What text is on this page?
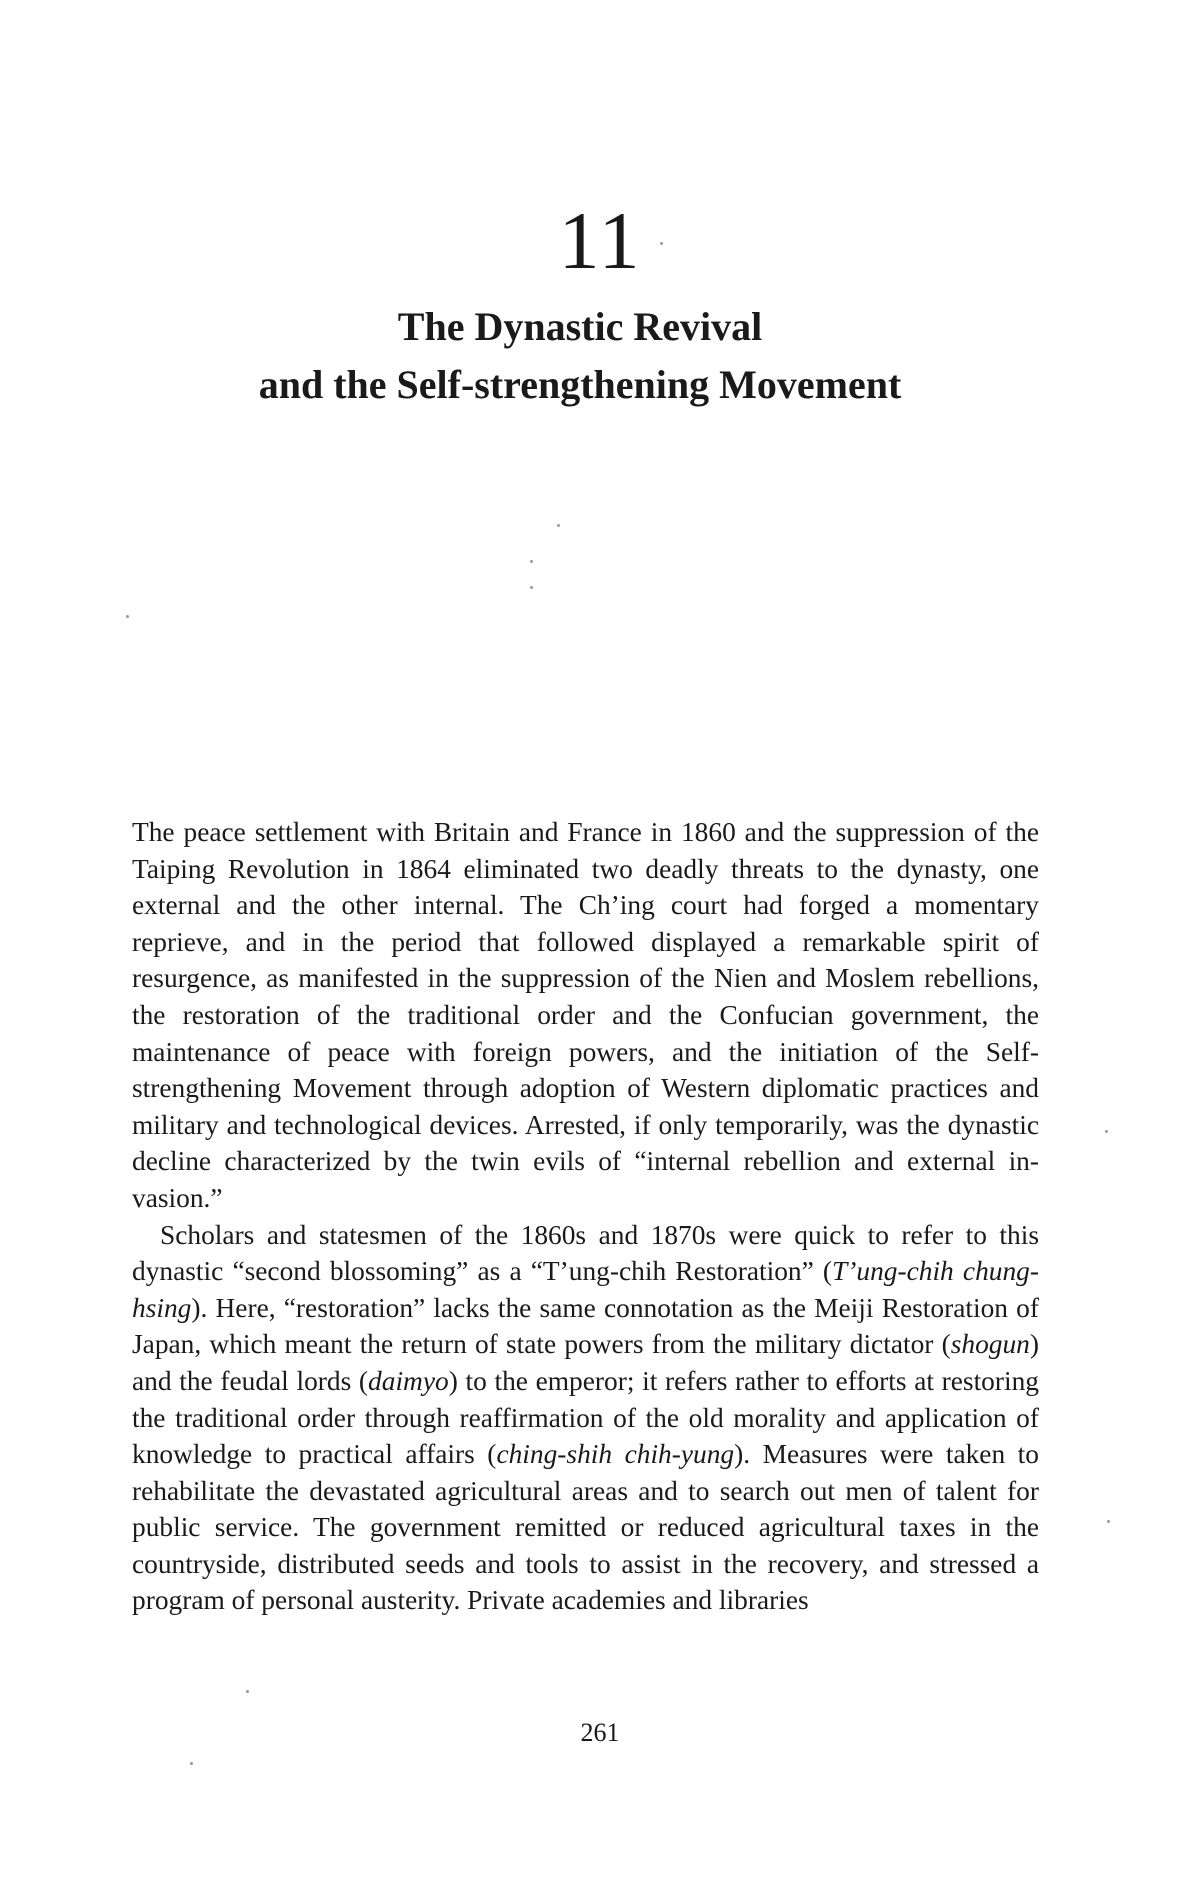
11
The Dynastic Revival
and the Self-strengthening Movement

The peace settlement with Britain and France in 1860 and the suppression of the Taiping Revolution in 1864 eliminated two deadly threats to the dynasty, one external and the other internal. The Ch’ing court had forged a momentary reprieve, and in the period that followed displayed a remarkable spirit of resurgence, as manifested in the suppression of the Nien and Moslem rebellions, the restoration of the traditional order and the Confucian government, the maintenance of peace with foreign powers, and the initiation of the Self-strengthening Movement through adoption of Western diplomatic practices and military and technological devices. Arrested, if only temporarily, was the dynastic decline characterized by the twin evils of “internal rebellion and external invasion.”

Scholars and statesmen of the 1860s and 1870s were quick to refer to this dynastic “second blossoming” as a “T’ung-chih Restoration” (T’ung-chih chung-hsing). Here, “restoration” lacks the same connotation as the Meiji Restoration of Japan, which meant the return of state powers from the military dictator (shogun) and the feudal lords (daimyo) to the emperor; it refers rather to efforts at restoring the traditional order through reaffirmation of the old morality and application of knowledge to practical affairs (ching-shih chih-yung). Measures were taken to rehabilitate the devastated agricultural areas and to search out men of talent for public service. The government remitted or reduced agricultural taxes in the countryside, distributed seeds and tools to assist in the recovery, and stressed a program of personal austerity. Private academies and libraries

261
